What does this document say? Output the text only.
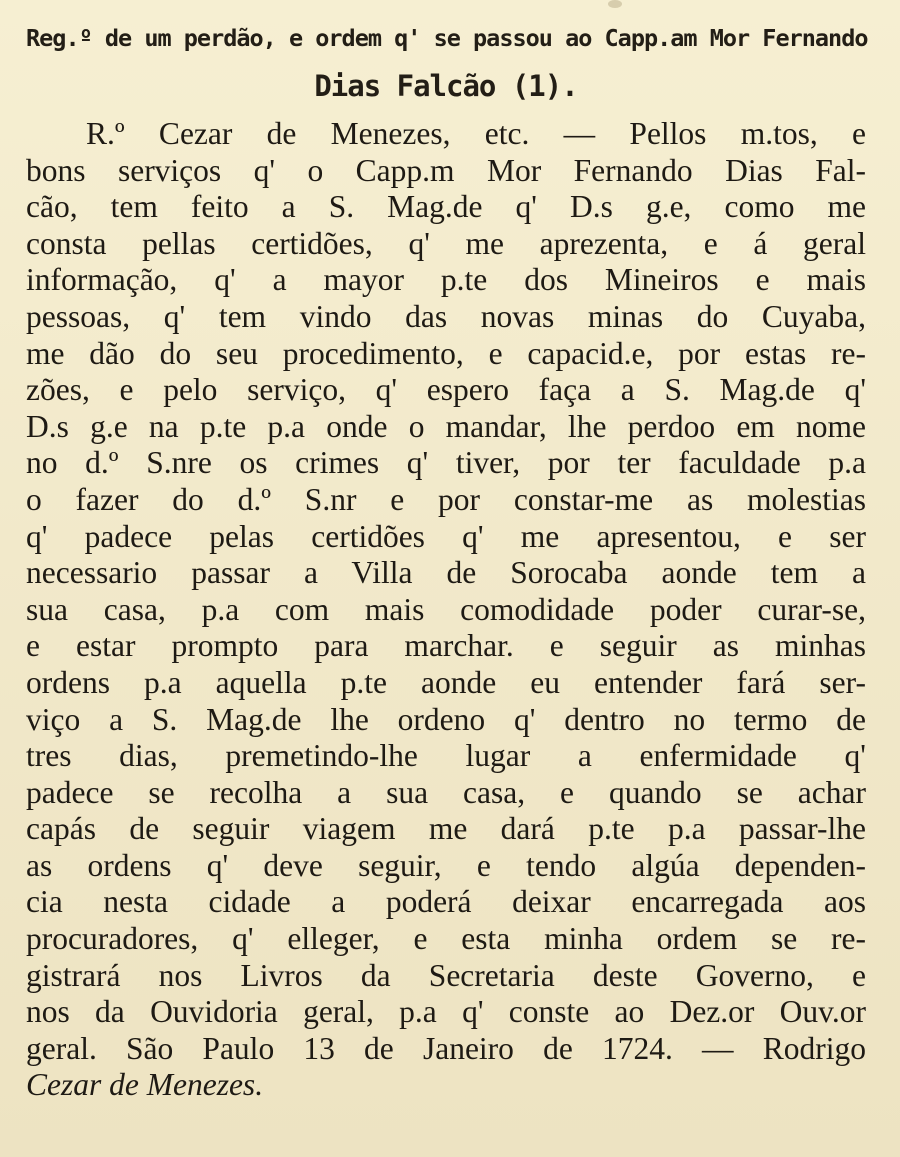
Reg.º de um perdão, e ordem q' se passou ao Capp.am Mor Fernando
Dias Falcão (1).
R.º Cezar de Menezes, etc. — Pellos m.tos, e
bons serviços q' o Capp.m Mor Fernando Dias Fal-
cão, tem feito a S. Mag.de q' D.s g.e, como me
consta pellas certidões, q' me aprezenta, e á geral
informação, q' a mayor p.te dos Mineiros e mais
pessoas, q' tem vindo das novas minas do Cuyaba,
me dão do seu procedimento, e capacid.e, por estas re-
zões, e pelo serviço, q' espero faça a S. Mag.de q'
D.s g.e na p.te p.a onde o mandar, lhe perdoo em nome
no d.º S.nre os crimes q' tiver, por ter faculdade p.a
o fazer do d.º S.nr e por constar-me as molestias
q' padece pelas certidões q' me apresentou, e ser
necessario passar a Villa de Sorocaba aonde tem a
sua casa, p.a com mais comodidade poder curar-se,
e estar prompto para marchar. e seguir as minhas
ordens p.a aquella p.te aonde eu entender fará ser-
viço a S. Mag.de lhe ordeno q' dentro no termo de
tres dias, premetindo-lhe lugar a enfermidade q'
padece se recolha a sua casa, e quando se achar
capás de seguir viagem me dará p.te p.a passar-lhe
as ordens q' deve seguir, e tendo algúa dependen-
cia nesta cidade a poderá deixar encarregada aos
procuradores, q' elleger, e esta minha ordem se re-
gistrará nos Livros da Secretaria deste Governo, e
nos da Ouvidoria geral, p.a q' conste ao Dez.or Ouv.or
geral. São Paulo 13 de Janeiro de 1724. — Rodrigo
Cezar de Menezes.
